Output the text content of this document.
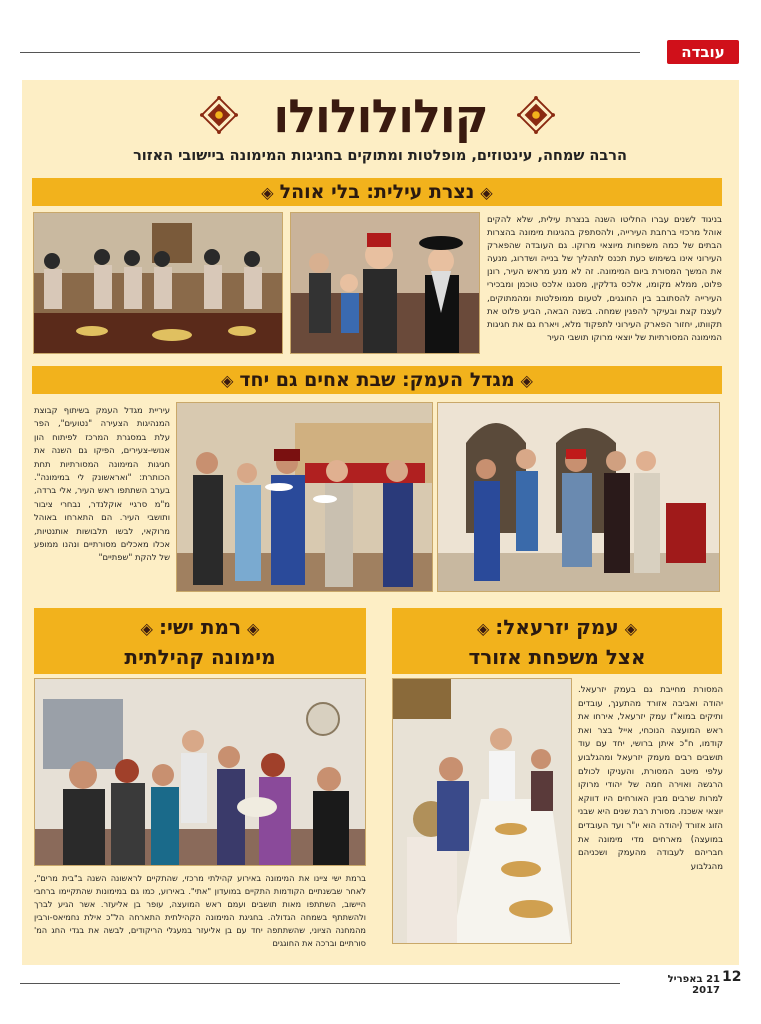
עובדה
קולולולולו
הרבה שמחה, עינטוזים, מופלטות ומתוקים בחגיגות המימונה ביישובי האזור
◈נצרת עילית: בלי אוהל◈
בניגוד לשנים עברו החליטו השנה בנצרת עילית, שלא להקים אוהל מרכזי ברחבת העירייה, ולהסתפק בהגיגות מימונה בהצרות הבתים של כמה משפחות מיוצאי מרוקו. גם העובדה שהפארק העירוני אינו בשימוש כעת תכנס לתהליך של בנייה ושדרוג, מנעה את המשך המסורת ביום המימונה. זה לא מנע מראש העיר, רונן פלוט, ממלא מקומו, אלכס גדלקין, מסגנו אלכס טוכמן ומבכירי העירייה להסתובב בין החוגגים, לטעום ממופלטות ומהמתוקים, לעצנז קצת ובעיקר להפגין שמחה. בשנה הבאה, הביע פלוט את תקוותו, יחזור הפארק העירוני לתפקוד מלא, ויארח גם את חגיגות המימונה המסורתיות של יוצאי מרוקו תושבי העיר
◈מגדל העמק: שבת אחים גם יחד◈
עיריית מגדל העמק בשיתוף קבוצת המנהיגות הצעירה "נטועים", הפר עלת במסגרת המרכז לפיתוח הון אנושי-צעירים, הפיקו גם השנה את חגיגות המימונה המסורתיות תחת הכותרת: "ואראשונק לי במימונה". בערב השתתפו ראש העיר, אלי ברדה, מ"מ סרגיי אוקלנדר, נבחרי ציבור ותושבי העיר. הם התארחו באוהל מרוקאי, לבשו תלבושות אותנטיות, אכלו מאכלים מסורתיים ונהנו ממופע של להקת "שפתיים"
◈רמת ישי:◈
מימונה קהילתית
ברמת ישי ציינו את המימונה באירוע קהילתי מרכזי, שהתקיים לראשונה השנה ב"בית מרים", לאחר שבשנתיים הקודמות התקיים במועדון "אתי". באירוע, כמו גם במימונות שהתקיימו ברחבי היישוב, השתתפו מאות תושבים ועמם ראש המועצה, עופר בן אליעזר. אשר הגיע לברך ולהשתתף בשמחה הגדולה. בחגיגת המימונה הקהילתית התארחה הל"כ אילת נחמיאס-ורבין מהמחנה הציוני, שהשתתפה יחד עם בן אליעזר במעגלי הריקודים, לבשה את בגדי החג המ' סורתיים וברכה את החוגגים
◈עמק יזרעאל:◈
אצל משפחת אזורד
המסורת מחייבת גם בעמק יזרעאל. יהודה ואביבה אזורד מהתענך, עובדים ותיקים במוא"ז עמק יזרעאל, אירחו את ראש המועצה הנוכחי, אייל בצר ואת קודמו, ח"כ איתן ברושי, יחד עם עוד תושבים רבים מעמק יזרעאל ומהגלבוע עלפי מיטב המסורת, והעניקו לכולם הרגשה ואוירה חמה של יהודי מרוקו למרות שרבים מבין האורחים היו דווקא יוצאי אשכנז. מסורת רבת שנים היא שבני הזוג אזורד (יהודה הוא יו"ר ועד העובדים במועצה) מארחים מדי מימונה את חבריהם לעבודה מהעמק ושכניהם מהגלבוע
21 באפריל 2017
12
